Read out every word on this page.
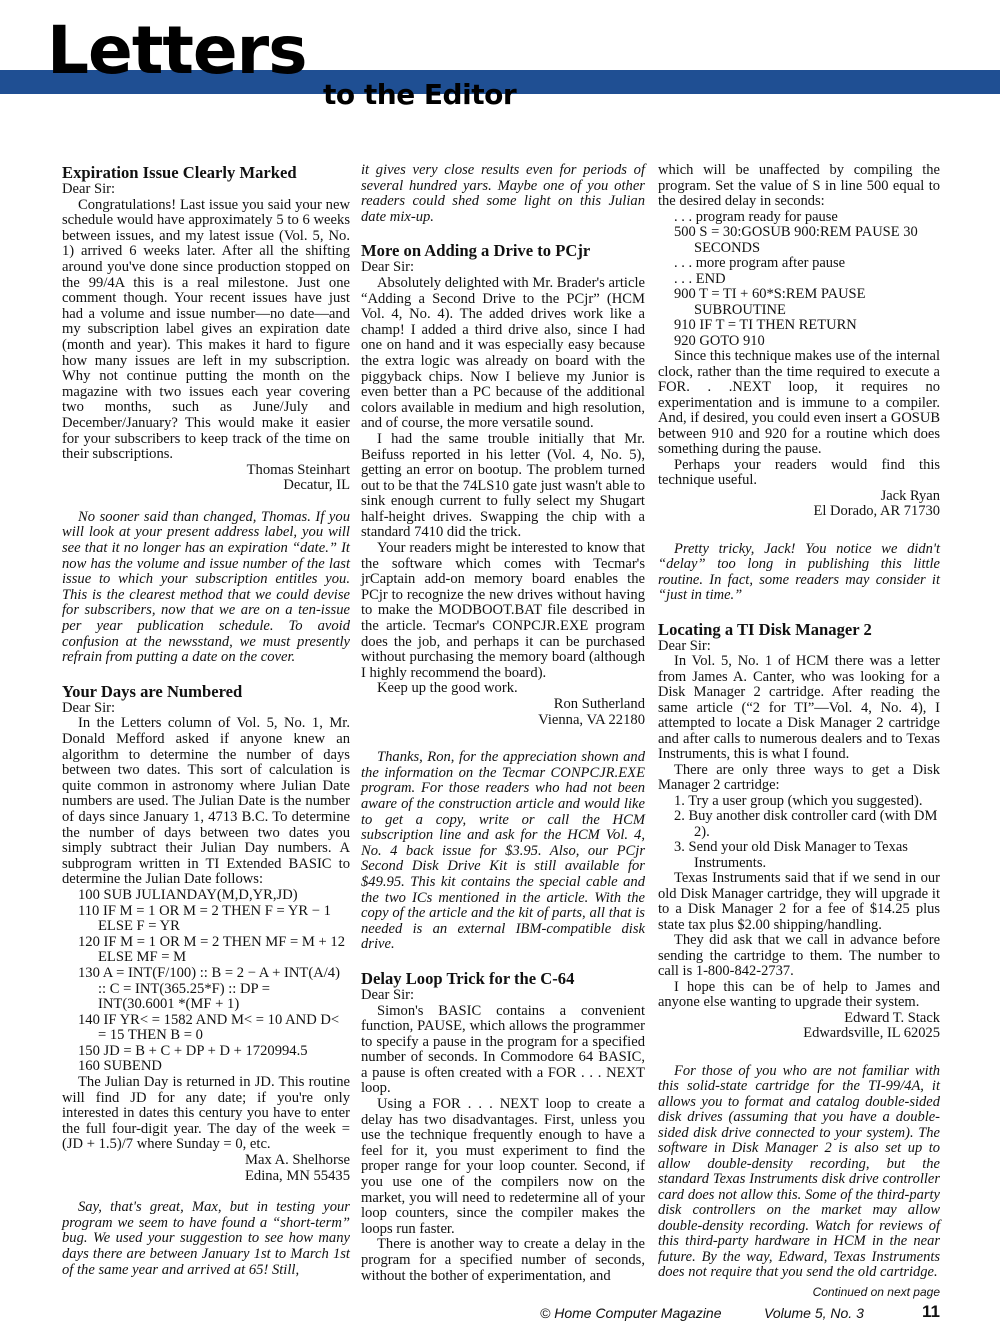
Letters
to the Editor
Expiration Issue Clearly Marked

Dear Sir:

Congratulations! Last issue you said your new schedule would have approximately 5 to 6 weeks between issues, and my latest issue (Vol. 5, No. 1) arrived 6 weeks later. After all the shifting around you've done since production stopped on the 99/4A this is a real milestone. Just one comment though. Your recent issues have just had a volume and issue number—no date—and my subscription label gives an expiration date (month and year). This makes it hard to figure how many issues are left in my subscription. Why not continue putting the month on the magazine with two issues each year covering two months, such as June/July and December/January? This would make it easier for your subscribers to keep track of the time on their subscriptions.

Thomas Steinhart

Decatur, IL

No sooner said than changed, Thomas. If you will look at your present address label, you will see that it no longer has an expiration “date.” It now has the volume and issue number of the last issue to which your subscription entitles you. This is the clearest method that we could devise for subscribers, now that we are on a ten-issue per year publication schedule. To avoid confusion at the newsstand, we must presently refrain from putting a date on the cover.

Your Days are Numbered

Dear Sir:

In the Letters column of Vol. 5, No. 1, Mr. Donald Mefford asked if anyone knew an algorithm to determine the number of days between two dates. This sort of calculation is quite common in astronomy where Julian Date numbers are used. The Julian Date is the number of days since January 1, 4713 B.C. To determine the number of days between two dates you simply subtract their Julian Day numbers. A subprogram written in TI Extended BASIC to determine the Julian Date follows:

100 SUB JULIANDAY(M,D,YR,JD)

110 IF M = 1 OR M = 2 THEN F = YR − 1 ELSE F = YR

120 IF M = 1 OR M = 2 THEN MF = M + 12 ELSE MF = M

130 A = INT(F/100) :: B = 2 − A + INT(A/4) :: C = INT(365.25*F) :: DP = INT(30.6001 *(MF + 1)

140 IF YR< = 1582 AND M< = 10 AND D< = 15 THEN B = 0

150 JD = B + C + DP + D + 1720994.5

160 SUBEND

The Julian Day is returned in JD. This routine will find JD for any date; if you're only interested in dates this century you have to enter the full four-digit year. The day of the week = (JD + 1.5)/7 where Sunday = 0, etc.

Max A. Shelhorse

Edina, MN 55435

Say, that's great, Max, but in testing your program we seem to have found a “short-term” bug. We used your suggestion to see how many days there are between January 1st to March 1st of the same year and arrived at 65! Still,

it gives very close results even for periods of several hundred yars. Maybe one of you other readers could shed some light on this Julian date mix-up.

More on Adding a Drive to PCjr

Dear Sir:

Absolutely delighted with Mr. Brader's article “Adding a Second Drive to the PCjr” (HCM Vol. 4, No. 4). The added drives work like a champ! I added a third drive also, since I had one on hand and it was especially easy because the extra logic was already on board with the piggyback chips. Now I believe my Junior is even better than a PC because of the additional colors available in medium and high resolution, and of course, the more versatile sound.

I had the same trouble initially that Mr. Beifuss reported in his letter (Vol. 4, No. 5), getting an error on bootup. The problem turned out to be that the 74LS10 gate just wasn't able to sink enough current to fully select my Shugart half-height drives. Swapping the chip with a standard 7410 did the trick.

Your readers might be interested to know that the software which comes with Tecmar's jrCaptain add-on memory board enables the PCjr to recognize the new drives without having to make the MODBOOT.BAT file described in the article. Tecmar's CONPCJR.EXE program does the job, and perhaps it can be purchased without purchasing the memory board (although I highly recommend the board).

Keep up the good work.

Ron Sutherland

Vienna, VA 22180

Thanks, Ron, for the appreciation shown and the information on the Tecmar CONPCJR.EXE program. For those readers who had not been aware of the construction article and would like to get a copy, write or call the HCM subscription line and ask for the HCM Vol. 4, No. 4 back issue for $3.95. Also, our PCjr Second Disk Drive Kit is still available for $49.95. This kit contains the special cable and the two ICs mentioned in the article. With the copy of the article and the kit of parts, all that is needed is an external IBM-compatible disk drive.

Delay Loop Trick for the C-64

Dear Sir:

Simon's BASIC contains a convenient function, PAUSE, which allows the programmer to specify a pause in the program for a specified number of seconds. In Commodore 64 BASIC, a pause is often created with a FOR . . . NEXT loop.

Using a FOR . . . NEXT loop to create a delay has two disadvantages. First, unless you use the technique frequently enough to have a feel for it, you must experiment to find the proper range for your loop counter. Second, if you use one of the compilers now on the market, you will need to redetermine all of your loop counters, since the compiler makes the loops run faster.

There is another way to create a delay in the program for a specified number of seconds, without the bother of experimentation, and

which will be unaffected by compiling the program. Set the value of S in line 500 equal to the desired delay in seconds:

. . . program ready for pause

500 S = 30:GOSUB 900:REM PAUSE 30 SECONDS

. . . more program after pause

. . . END

900 T = TI + 60*S:REM PAUSE SUBROUTINE

910 IF T = TI THEN RETURN

920 GOTO 910

Since this technique makes use of the internal clock, rather than the time required to execute a FOR. . .NEXT loop, it requires no experimentation and is immune to a compiler. And, if desired, you could even insert a GOSUB between 910 and 920 for a routine which does something during the pause.

Perhaps your readers would find this technique useful.

Jack Ryan

El Dorado, AR 71730

Pretty tricky, Jack! You notice we didn't “delay” too long in publishing this little routine. In fact, some readers may consider it “just in time.”

Locating a TI Disk Manager 2

Dear Sir:

In Vol. 5, No. 1 of HCM there was a letter from James A. Canter, who was looking for a Disk Manager 2 cartridge. After reading the same article (“2 for TI”—Vol. 4, No. 4), I attempted to locate a Disk Manager 2 cartridge and after calls to numerous dealers and to Texas Instruments, this is what I found.

There are only three ways to get a Disk Manager 2 cartridge:

1. Try a user group (which you suggested).

2. Buy another disk controller card (with DM 2).

3. Send your old Disk Manager to Texas Instruments.

Texas Instruments said that if we send in our old Disk Manager cartridge, they will upgrade it to a Disk Manager 2 for a fee of $14.25 plus state tax plus $2.00 shipping/handling.

They did ask that we call in advance before sending the cartridge to them. The number to call is 1-800-842-2737.

I hope this can be of help to James and anyone else wanting to upgrade their system.

Edward T. Stack

Edwardsville, IL 62025

For those of you who are not familiar with this solid-state cartridge for the TI-99/4A, it allows you to format and catalog double-sided disk drives (assuming that you have a double-sided disk drive connected to your system). The software in Disk Manager 2 is also set up to allow double-density recording, but the standard Texas Instruments disk drive controller card does not allow this. Some of the third-party disk controllers on the market may allow double-density recording. Watch for reviews of this third-party hardware in HCM in the near future. By the way, Edward, Texas Instruments does not require that you send the old cartridge.

Continued on next page
© Home Computer Magazine	Volume 5, No. 3	11
